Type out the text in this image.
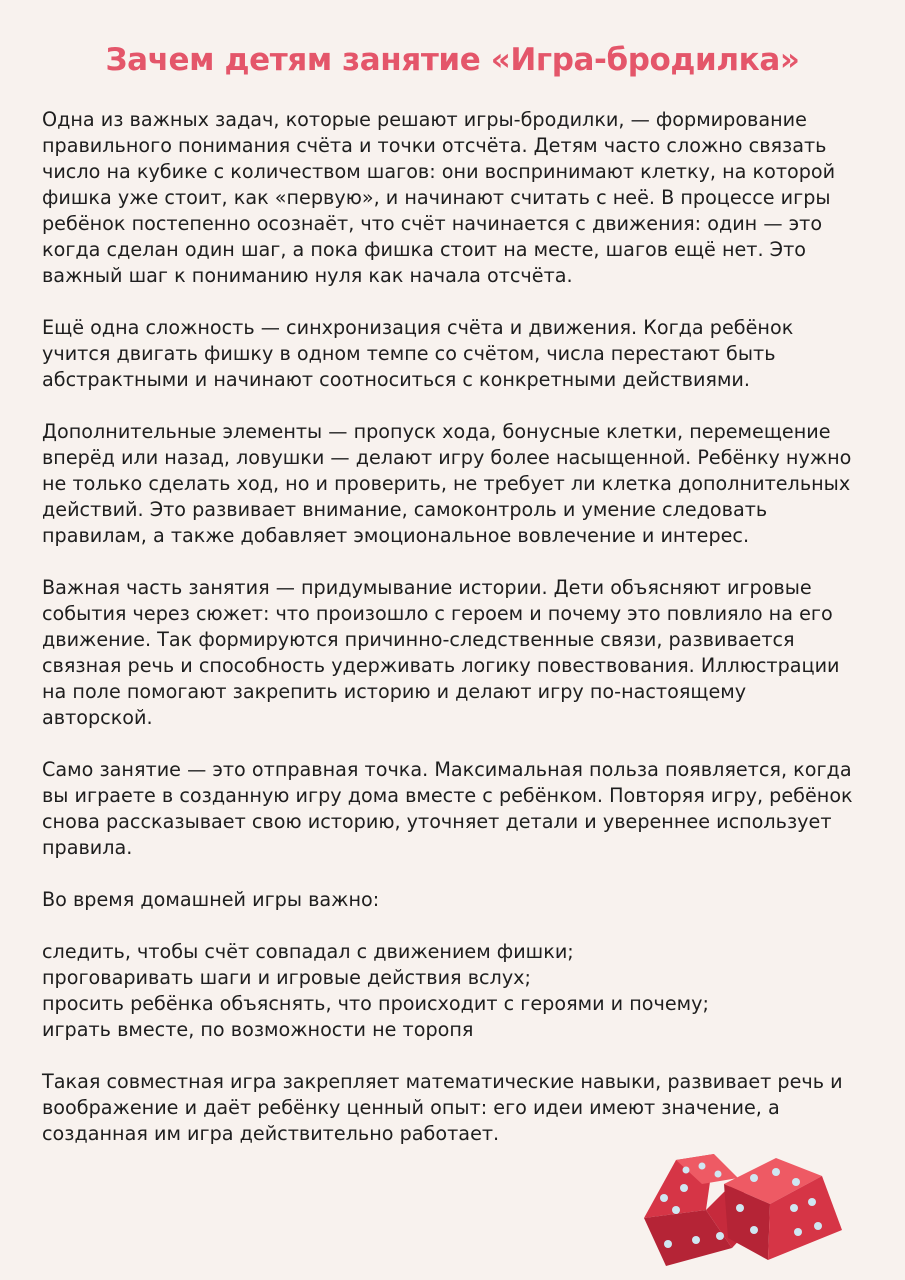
Зачем детям занятие «Игра-бродилка»

Одна из важных задач, которые решают игры-бродилки, — формирование
правильного понимания счёта и точки отсчёта. Детям часто сложно связать
число на кубике с количеством шагов: они воспринимают клетку, на которой
фишка уже стоит, как «первую», и начинают считать с неё. В процессе игры
ребёнок постепенно осознаёт, что счёт начинается с движения: один — это
когда сделан один шаг, а пока фишка стоит на месте, шагов ещё нет. Это
важный шаг к пониманию нуля как начала отсчёта.

Ещё одна сложность — синхронизация счёта и движения. Когда ребёнок
учится двигать фишку в одном темпе со счётом, числа перестают быть
абстрактными и начинают соотноситься с конкретными действиями.

Дополнительные элементы — пропуск хода, бонусные клетки, перемещение
вперёд или назад, ловушки — делают игру более насыщенной. Ребёнку нужно
не только сделать ход, но и проверить, не требует ли клетка дополнительных
действий. Это развивает внимание, самоконтроль и умение следовать
правилам, а также добавляет эмоциональное вовлечение и интерес.

Важная часть занятия — придумывание истории. Дети объясняют игровые
события через сюжет: что произошло с героем и почему это повлияло на его
движение. Так формируются причинно-следственные связи, развивается
связная речь и способность удерживать логику повествования. Иллюстрации
на поле помогают закрепить историю и делают игру по-настоящему
авторской.

Само занятие — это отправная точка. Максимальная польза появляется, когда
вы играете в созданную игру дома вместе с ребёнком. Повторяя игру, ребёнок
снова рассказывает свою историю, уточняет детали и увереннее использует
правила.

Во время домашней игры важно:

следить, чтобы счёт совпадал с движением фишки;
проговаривать шаги и игровые действия вслух;
просить ребёнка объяснять, что происходит с героями и почему;
играть вместе, по возможности не торопя

Такая совместная игра закрепляет математические навыки, развивает речь и
воображение и даёт ребёнку ценный опыт: его идеи имеют значение, а
созданная им игра действительно работает.
